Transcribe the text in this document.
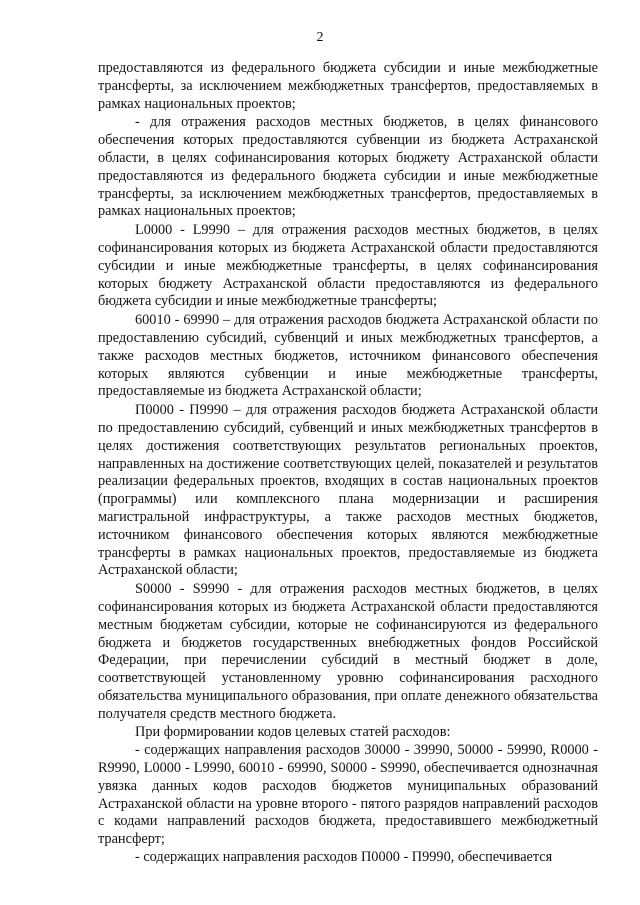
2

предоставляются из федерального бюджета субсидии и иные межбюджетные трансферты, за исключением межбюджетных трансфертов, предоставляемых в рамках национальных проектов;

- для отражения расходов местных бюджетов, в целях финансового обеспечения которых предоставляются субвенции из бюджета Астраханской области, в целях софинансирования которых бюджету Астраханской области предоставляются из федерального бюджета субсидии и иные межбюджетные трансферты, за исключением межбюджетных трансфертов, предоставляемых в рамках национальных проектов;

L0000 - L9990 – для отражения расходов местных бюджетов, в целях софинансирования которых из бюджета Астраханской области предоставляются субсидии и иные межбюджетные трансферты, в целях софинансирования которых бюджету Астраханской области предоставляются из федерального бюджета субсидии и иные межбюджетные трансферты;

60010 - 69990 – для отражения расходов бюджета Астраханской области по предоставлению субсидий, субвенций и иных межбюджетных трансфертов, а также расходов местных бюджетов, источником финансового обеспечения которых являются субвенции и иные межбюджетные трансферты, предоставляемые из бюджета Астраханской области;

П0000 - П9990 – для отражения расходов бюджета Астраханской области по предоставлению субсидий, субвенций и иных межбюджетных трансфертов в целях достижения соответствующих результатов региональных проектов, направленных на достижение соответствующих целей, показателей и результатов реализации федеральных проектов, входящих в состав национальных проектов (программы) или комплексного плана модернизации и расширения магистральной инфраструктуры, а также расходов местных бюджетов, источником финансового обеспечения которых являются межбюджетные трансферты в рамках национальных проектов, предоставляемые из бюджета Астраханской области;

S0000 - S9990 - для отражения расходов местных бюджетов, в целях софинансирования которых из бюджета Астраханской области предоставляются местным бюджетам субсидии, которые не софинансируются из федерального бюджета и бюджетов государственных внебюджетных фондов Российской Федерации, при перечислении субсидий в местный бюджет в доле, соответствующей установленному уровню софинансирования расходного обязательства муниципального образования, при оплате денежного обязательства получателя средств местного бюджета.

При формировании кодов целевых статей расходов:

- содержащих направления расходов 30000 - 39990, 50000 - 59990, R0000 - R9990, L0000 - L9990, 60010 - 69990, S0000 - S9990, обеспечивается однозначная увязка данных кодов расходов бюджетов муниципальных образований Астраханской области на уровне второго - пятого разрядов направлений расходов с кодами направлений расходов бюджета, предоставившего межбюджетный трансферт;

- содержащих направления расходов П0000 - П9990, обеспечивается
